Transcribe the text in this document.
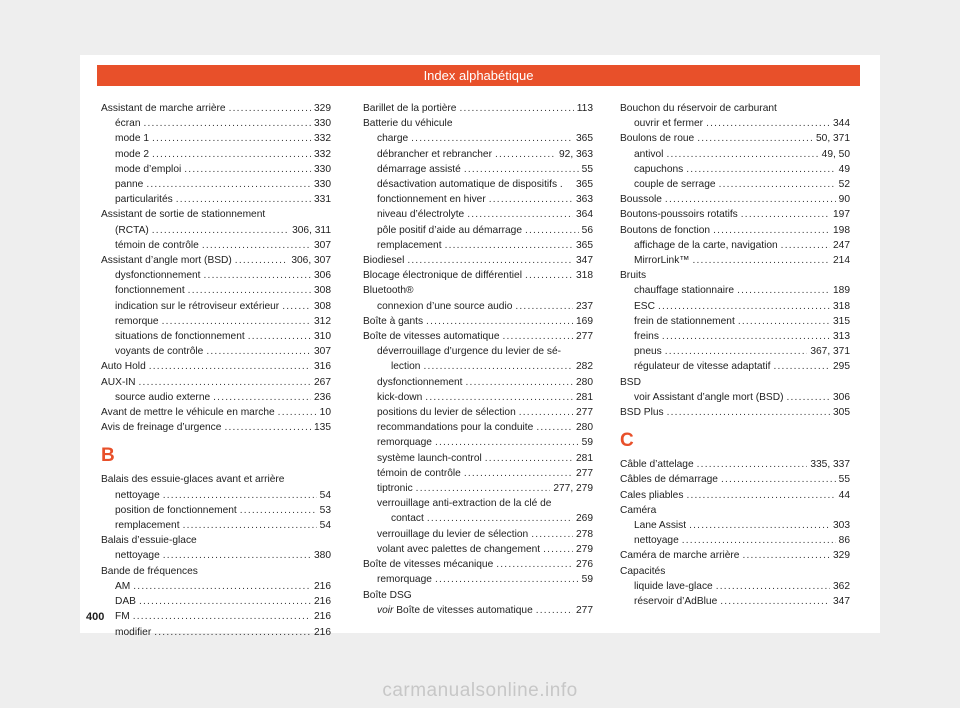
Index alphabétique
Assistant de marche arrière .....	329
écran .....	330
mode 1 .....	332
mode 2 .....	332
mode d’emploi .....	330
panne .....	330
particularités .....	331
Assistant de sortie de stationnement
(RCTA) .....	306, 311
témoin de contrôle .....	307
Assistant d’angle mort (BSD) .....	306, 307
dysfonctionnement .....	306
fonctionnement .....	308
indication sur le rétroviseur extérieur .....	308
remorque .....	312
situations de fonctionnement .....	310
voyants de contrôle .....	307
Auto Hold .....	316
AUX-IN .....	267
source audio externe .....	236
Avant de mettre le véhicule en marche .....	10
Avis de freinage d’urgence .....	135
B
Balais des essuie-glaces avant et arrière
nettoyage .....	54
position de fonctionnement .....	53
remplacement .....	54
Balais d’essuie-glace
nettoyage .....	380
Bande de fréquences
AM .....	216
DAB .....	216
FM .....	216
modifier .....	216
Barillet de la portière .....	113
Batterie du véhicule
charge .....	365
débrancher et rebrancher .....	92, 363
démarrage assisté .....	55
désactivation automatique de dispositifs . 365
fonctionnement en hiver .....	363
niveau d’électrolyte .....	364
pôle positif d’aide au démarrage .....	56
remplacement .....	365
Biodiesel .....	347
Blocage électronique de différentiel .....	318
Bluetooth®
connexion d’une source audio .....	237
Boîte à gants .....	169
Boîte de vitesses automatique .....	277
déverrouillage d’urgence du levier de sé-
lection .....	282
dysfonctionnement .....	280
kick-down .....	281
positions du levier de sélection .....	277
recommandations pour la conduite .....	280
remorquage .....	59
système launch-control .....	281
témoin de contrôle .....	277
tiptronic .....	277, 279
verrouillage anti-extraction de la clé de
contact .....	269
verrouillage du levier de sélection .....	278
volant avec palettes de changement .....	279
Boîte de vitesses mécanique .....	276
remorquage .....	59
Boîte DSG
voir Boîte de vitesses automatique .....	277
Bouchon du réservoir de carburant
ouvrir et fermer .....	344
Boulons de roue .....	50, 371
antivol .....	49, 50
capuchons .....	49
couple de serrage .....	52
Boussole .....	90
Boutons-poussoirs rotatifs .....	197
Boutons de fonction .....	198
affichage de la carte, navigation .....	247
MirrorLink™ .....	214
Bruits
chauffage stationnaire .....	189
ESC .....	318
frein de stationnement .....	315
freins .....	313
pneus .....	367, 371
régulateur de vitesse adaptatif .....	295
BSD
voir Assistant d’angle mort (BSD) .....	306
BSD Plus .....	305
C
Câble d’attelage .....	335, 337
Câbles de démarrage .....	55
Cales pliables .....	44
Caméra
Lane Assist .....	303
nettoyage .....	86
Caméra de marche arrière .....	329
Capacités
liquide lave-glace .....	362
réservoir d’AdBlue .....	347
400
carmanualsonline.info
